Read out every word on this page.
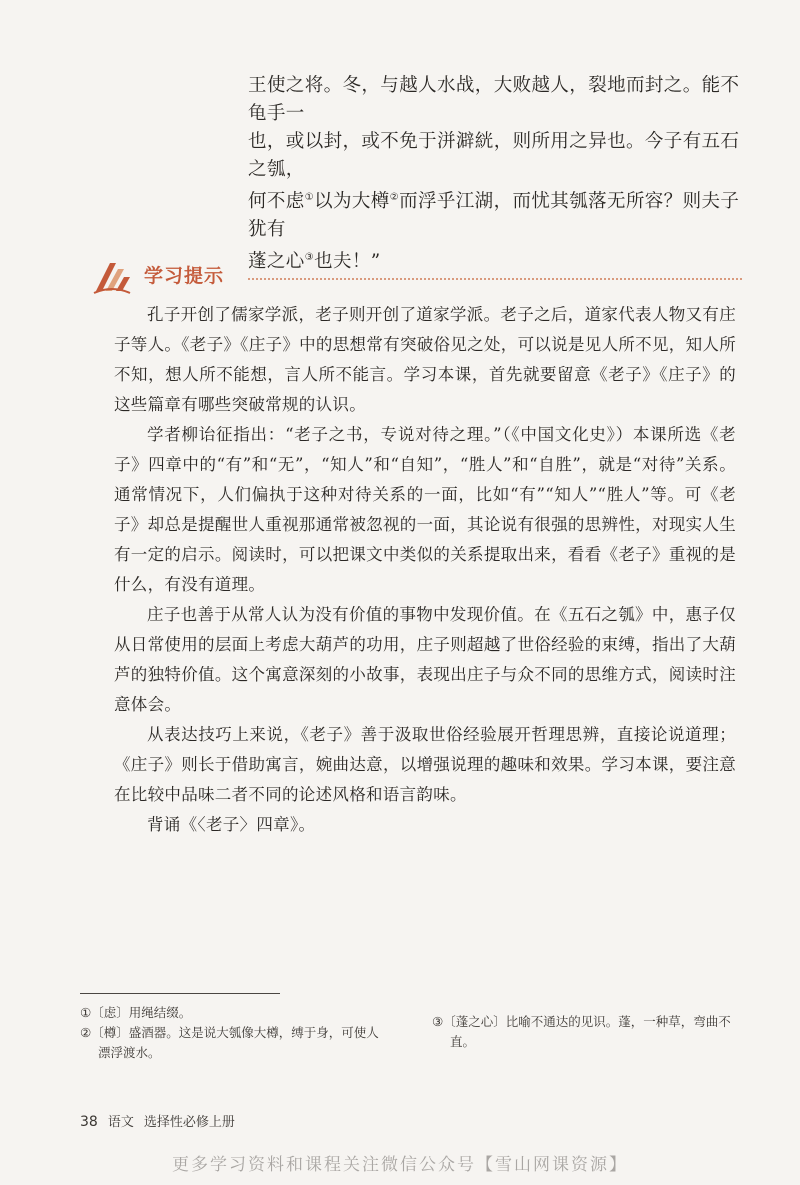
王使之将。冬，与越人水战，大败越人，裂地而封之。能不龟手一
也，或以封，或不免于洴澼絖，则所用之异也。今子有五石之瓠，
何不虑①以为大樽②而浮乎江湖，而忧其瓠落无所容？则夫子犹有
蓬之心③也夫！”
学习提示

孔子开创了儒家学派，老子则开创了道家学派。老子之后，道家代表人物又有庄子等人。《老子》《庄子》中的思想常有突破俗见之处，可以说是见人所不见，知人所不知，想人所不能想，言人所不能言。学习本课，首先就要留意《老子》《庄子》的这些篇章有哪些突破常规的认识。

学者柳诒征指出：“老子之书，专说对待之理。”（《中国文化史》）本课所选《老子》四章中的“有”和“无”，“知人”和“自知”，“胜人”和“自胜”，就是“对待”关系。通常情况下，人们偏执于这种对待关系的一面，比如“有”“知人”“胜人”等。可《老子》却总是提醒世人重视那通常被忽视的一面，其论说有很强的思辨性，对现实人生有一定的启示。阅读时，可以把课文中类似的关系提取出来，看看《老子》重视的是什么，有没有道理。

庄子也善于从常人认为没有价值的事物中发现价值。在《五石之瓠》中，惠子仅从日常使用的层面上考虑大葫芦的功用，庄子则超越了世俗经验的束缚，指出了大葫芦的独特价值。这个寓意深刻的小故事，表现出庄子与众不同的思维方式，阅读时注意体会。

从表达技巧上来说，《老子》善于汲取世俗经验展开哲理思辨，直接论说道理；《庄子》则长于借助寓言，婉曲达意，以增强说理的趣味和效果。学习本课，要注意在比较中品味二者不同的论述风格和语言韵味。

背诵《〈老子〉四章》。

①〔虑〕用绳结缀。

②〔樽〕盛酒器。这是说大瓠像大樽，缚于身，可使人漂浮渡水。

③〔蓬之心〕比喻不通达的见识。蓬，一种草，弯曲不直。

38 语文 选择性必修上册
更多学习资料和课程关注微信公众号【雪山网课资源】
